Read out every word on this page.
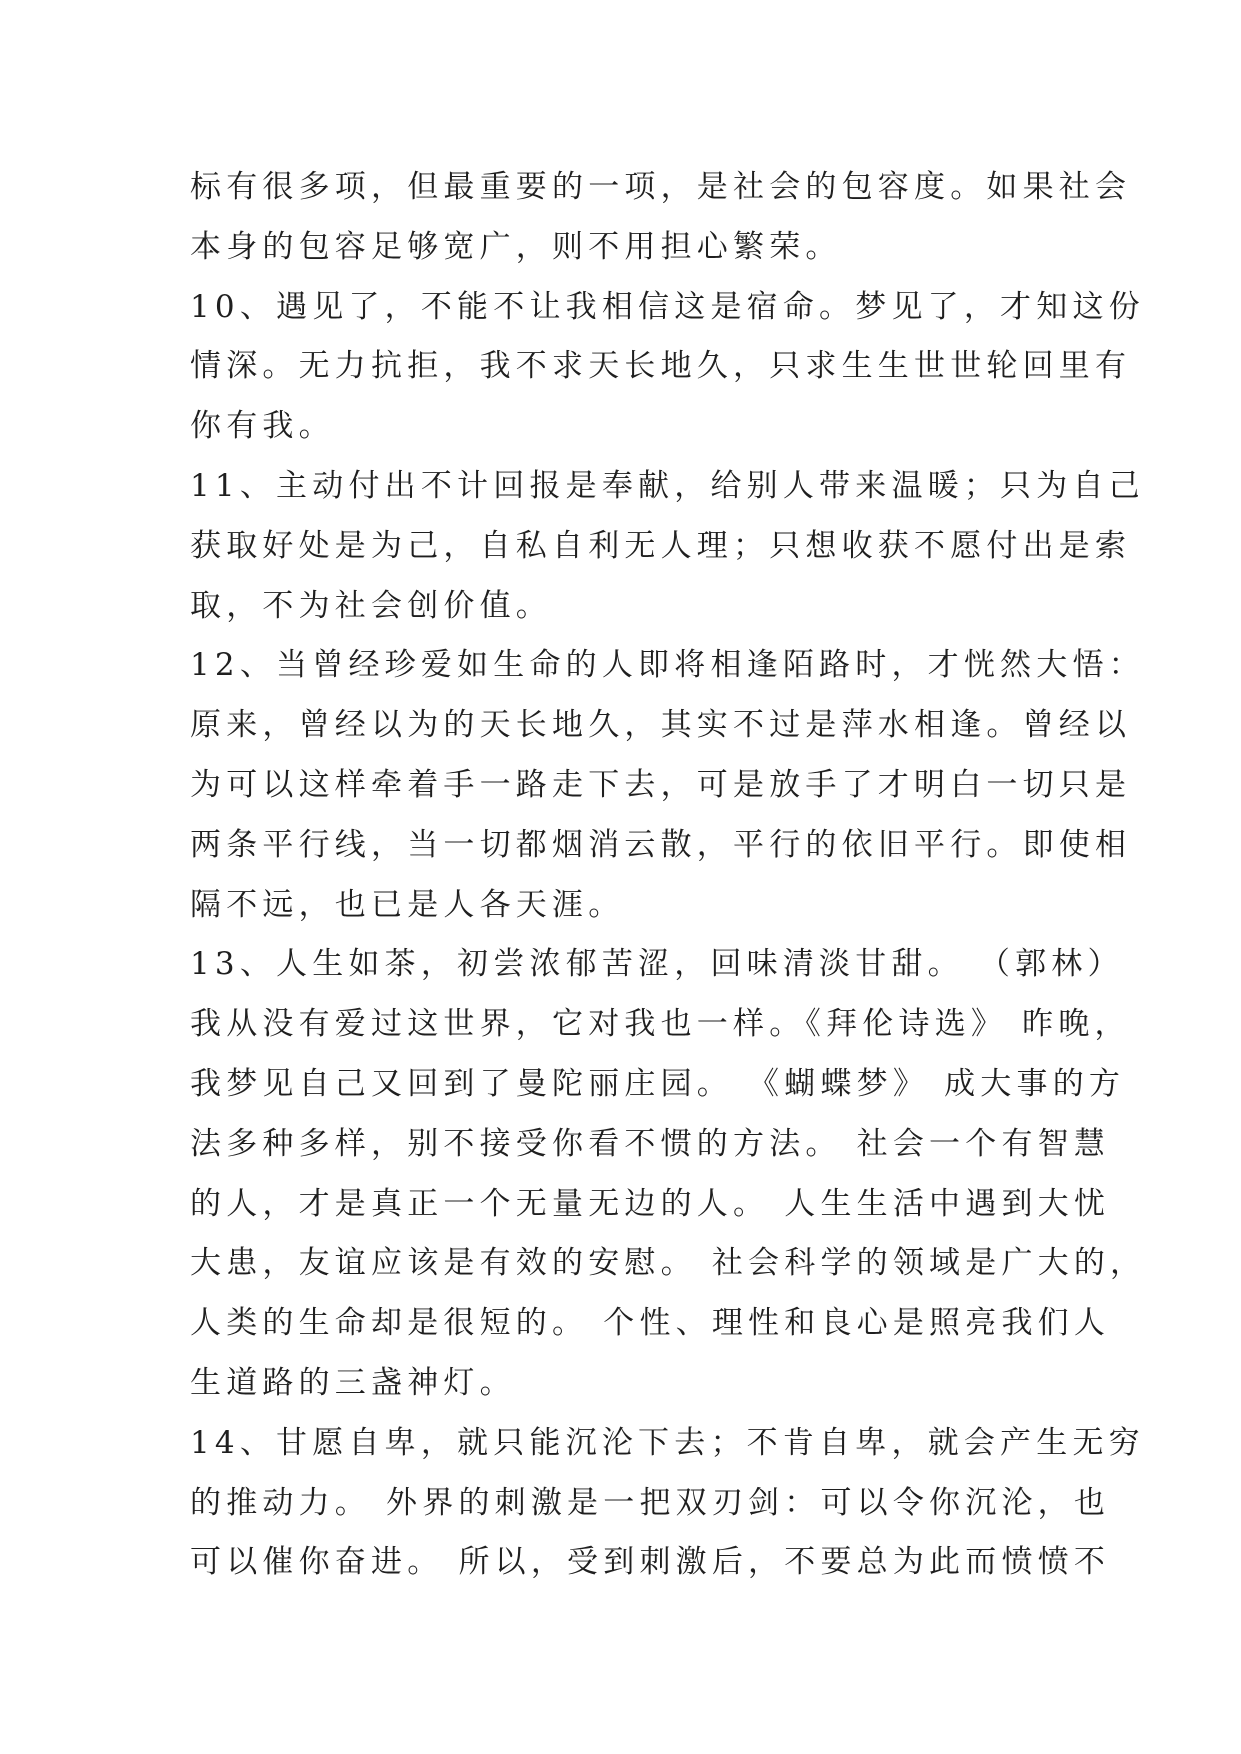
标有很多项，但最重要的一项，是社会的包容度。如果社会
本身的包容足够宽广，则不用担心繁荣。
10、遇见了，不能不让我相信这是宿命。梦见了，才知这份
情深。无力抗拒，我不求天长地久，只求生生世世轮回里有
你有我。
11、主动付出不计回报是奉献，给别人带来温暖；只为自己
获取好处是为己，自私自利无人理；只想收获不愿付出是索
取，不为社会创价值。
12、当曾经珍爱如生命的人即将相逢陌路时，才恍然大悟：
原来，曾经以为的天长地久，其实不过是萍水相逢。曾经以
为可以这样牵着手一路走下去，可是放手了才明白一切只是
两条平行线，当一切都烟消云散，平行的依旧平行。即使相
隔不远，也已是人各天涯。
13、人生如茶，初尝浓郁苦涩，回味清淡甘甜。 （郭林）
我从没有爱过这世界，它对我也一样。《拜伦诗选》 昨晚，
我梦见自己又回到了曼陀丽庄园。 《蝴蝶梦》 成大事的方
法多种多样，别不接受你看不惯的方法。 社会一个有智慧
的人，才是真正一个无量无边的人。 人生生活中遇到大忧
大患，友谊应该是有效的安慰。 社会科学的领域是广大的，
人类的生命却是很短的。 个性、理性和良心是照亮我们人
生道路的三盏神灯。
14、甘愿自卑，就只能沉沦下去；不肯自卑，就会产生无穷
的推动力。 外界的刺激是一把双刃剑：可以令你沉沦，也
可以催你奋进。 所以，受到刺激后，不要总为此而愤愤不
